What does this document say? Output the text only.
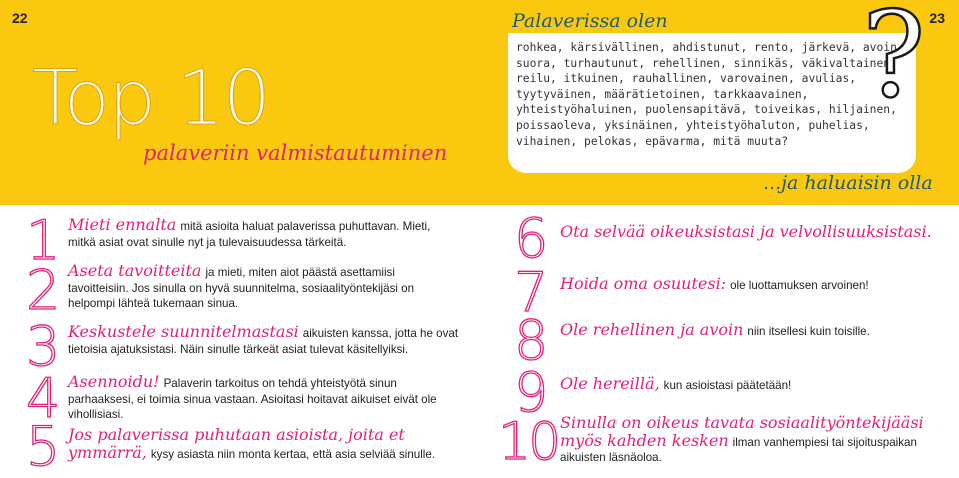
22	23
Top 10
palaveriin valmistautuminen
Palaverissa olen

rohkea, kärsivällinen, ahdistunut, rento, järkevä, avoin, suora, turhautunut, rehellinen, sinnikäs, väkivaltainen, reilu, itkuinen, rauhallinen, varovainen, avulias, tyytyväinen, määrätietoinen, tarkkaavainen, yhteistyöhaluinen, puolensapitävä, toiveikas, hiljainen, poissaoleva, yksinäinen, yhteistyöhaluton, puhelias, vihainen, pelokas, epävarma, mitä muuta?

?
...ja haluaisin olla
1 Mieti ennalta mitä asioita haluat palaverissa puhuttavan. Mieti, mitkä asiat ovat sinulle nyt ja tulevaisuudessa tärkeitä.
2 Aseta tavoitteita ja mieti, miten aiot päästä asettamiisi tavoitteisiin. Jos sinulla on hyvä suunnitelma, sosiaalityöntekijäsi on helpompi lähteä tukemaan sinua.
3 Keskustele suunnitelmastasi aikuisten kanssa, jotta he ovat tietoisia ajatuksistasi. Näin sinulle tärkeät asiat tulevat käsitellyiksi.
4 Asennoidu! Palaverin tarkoitus on tehdä yhteistyötä sinun parhaaksesi, ei toimia sinua vastaan. Asioitasi hoitavat aikuiset eivät ole vihollisiasi.
5 Jos palaverissa puhutaan asioista, joita et ymmärrä, kysy asiasta niin monta kertaa, että asia selviää sinulle.
6 Ota selvää oikeuksistasi ja velvollisuuksistasi.
7 Hoida oma osuutesi: ole luottamuksen arvoinen!
8 Ole rehellinen ja avoin niin itsellesi kuin toisille.
9 Ole hereillä, kun asioistasi päätetään!
10 Sinulla on oikeus tavata sosiaalityöntekijääsi myös kahden kesken ilman vanhempiesi tai sijoituspaikan aikuisten läsnäoloa.
